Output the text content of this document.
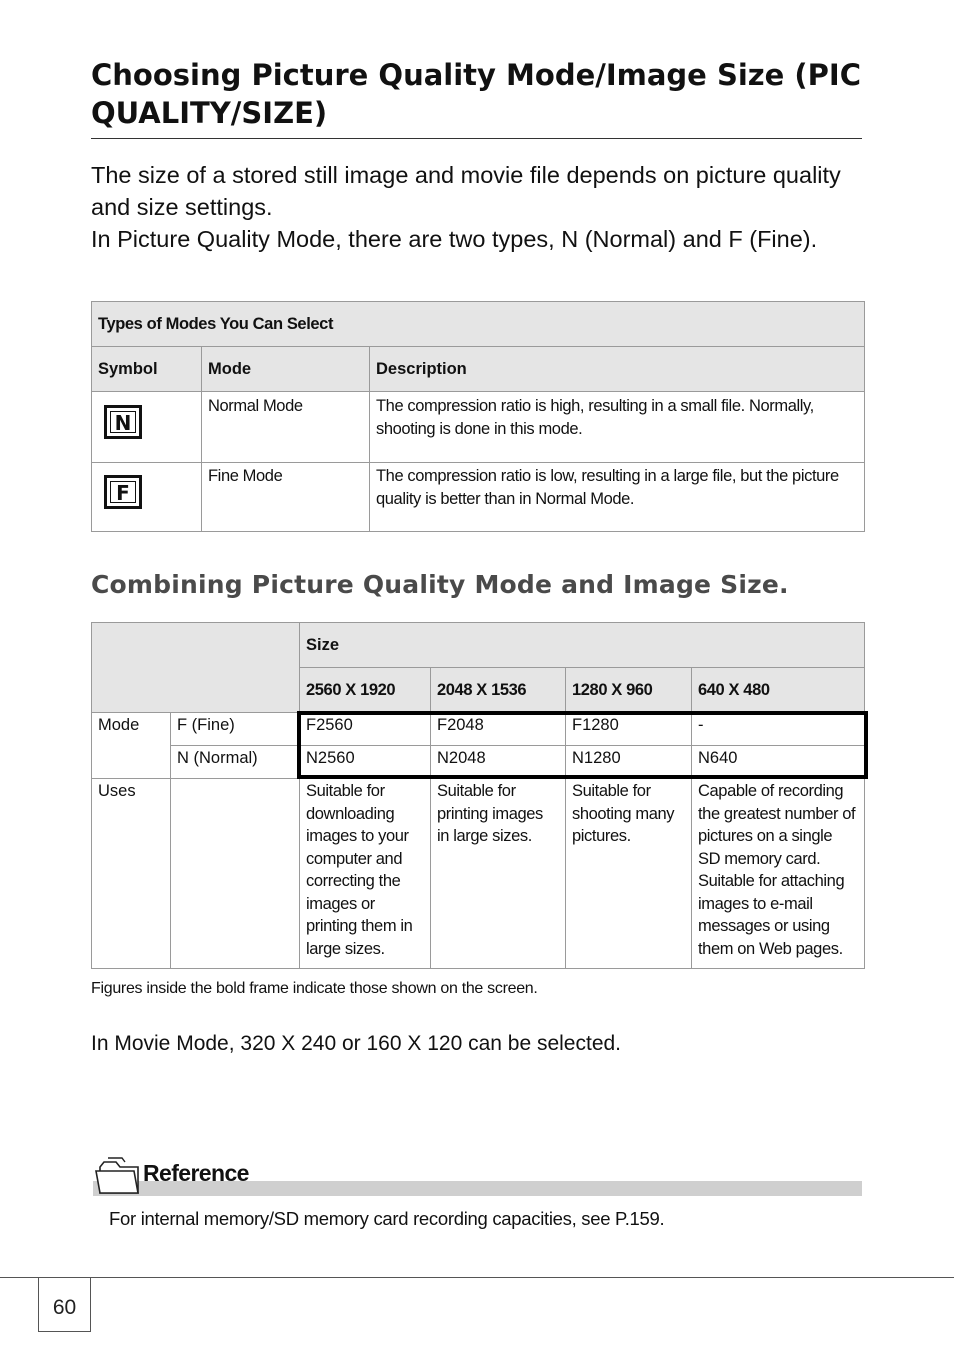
Choosing Picture Quality Mode/Image Size (PIC QUALITY/SIZE)

The size of a stored still image and movie file depends on picture quality and size settings.

In Picture Quality Mode, there are two types, N (Normal) and F (Fine).

Types of Modes You Can Select		
Symbol	Mode	Description

N	Normal Mode	The compression ratio is high, resulting in a small file. Normally, shooting is done in this mode.

F	Fine Mode	The compression ratio is low, resulting in a large file, but the picture quality is better than in Normal Mode.
Combining Picture Quality Mode and Image Size.
		Size			
		2560 X 1920	2048 X 1536	1280 X 960	640 X 480
Mode	F (Fine)	F2560	F2048	F1280	-
	N (Normal)	N2560	N2048	N1280	N640
Uses		Suitable for downloading images to your computer and correcting the images or printing them in large sizes.	Suitable for printing images in large sizes.	Suitable for shooting many pictures.	Capable of recording the greatest number of pictures on a single SD memory card. Suitable for attaching images to e-mail messages or using them on Web pages.
Figures inside the bold frame indicate those shown on the screen.
In Movie Mode, 320 X 240 or 160 X 120 can be selected.
Reference
For internal memory/SD memory card recording capacities, see P.159.
60
